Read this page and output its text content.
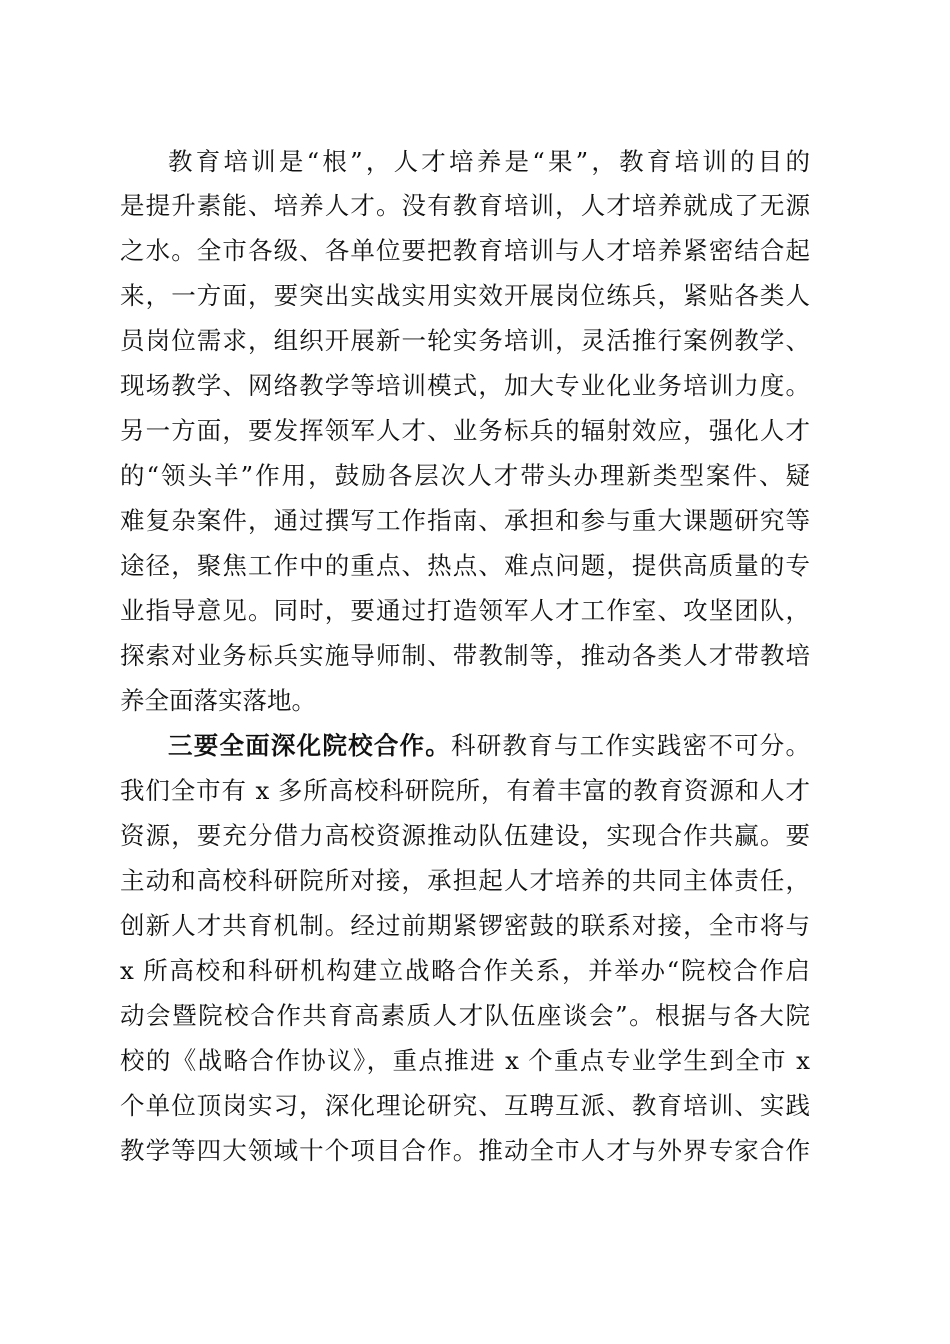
教育培训是“根”，人才培养是“果”，教育培训的目的
是提升素能、培养人才。没有教育培训，人才培养就成了无源
之水。全市各级、各单位要把教育培训与人才培养紧密结合起
来，一方面，要突出实战实用实效开展岗位练兵，紧贴各类人
员岗位需求，组织开展新一轮实务培训，灵活推行案例教学、
现场教学、网络教学等培训模式，加大专业化业务培训力度。
另一方面，要发挥领军人才、业务标兵的辐射效应，强化人才
的“领头羊”作用，鼓励各层次人才带头办理新类型案件、疑
难复杂案件，通过撰写工作指南、承担和参与重大课题研究等
途径，聚焦工作中的重点、热点、难点问题，提供高质量的专
业指导意见。同时，要通过打造领军人才工作室、攻坚团队，
探索对业务标兵实施导师制、带教制等，推动各类人才带教培
养全面落实落地。
三要全面深化院校合作。科研教育与工作实践密不可分。
我们全市有 x 多所高校科研院所，有着丰富的教育资源和人才
资源，要充分借力高校资源推动队伍建设，实现合作共赢。要
主动和高校科研院所对接，承担起人才培养的共同主体责任，
创新人才共育机制。经过前期紧锣密鼓的联系对接，全市将与
x 所高校和科研机构建立战略合作关系，并举办“院校合作启
动会暨院校合作共育高素质人才队伍座谈会”。根据与各大院
校的《战略合作协议》，重点推进 x 个重点专业学生到全市 x
个单位顶岗实习，深化理论研究、互聘互派、教育培训、实践
教学等四大领域十个项目合作。推动全市人才与外界专家合作
